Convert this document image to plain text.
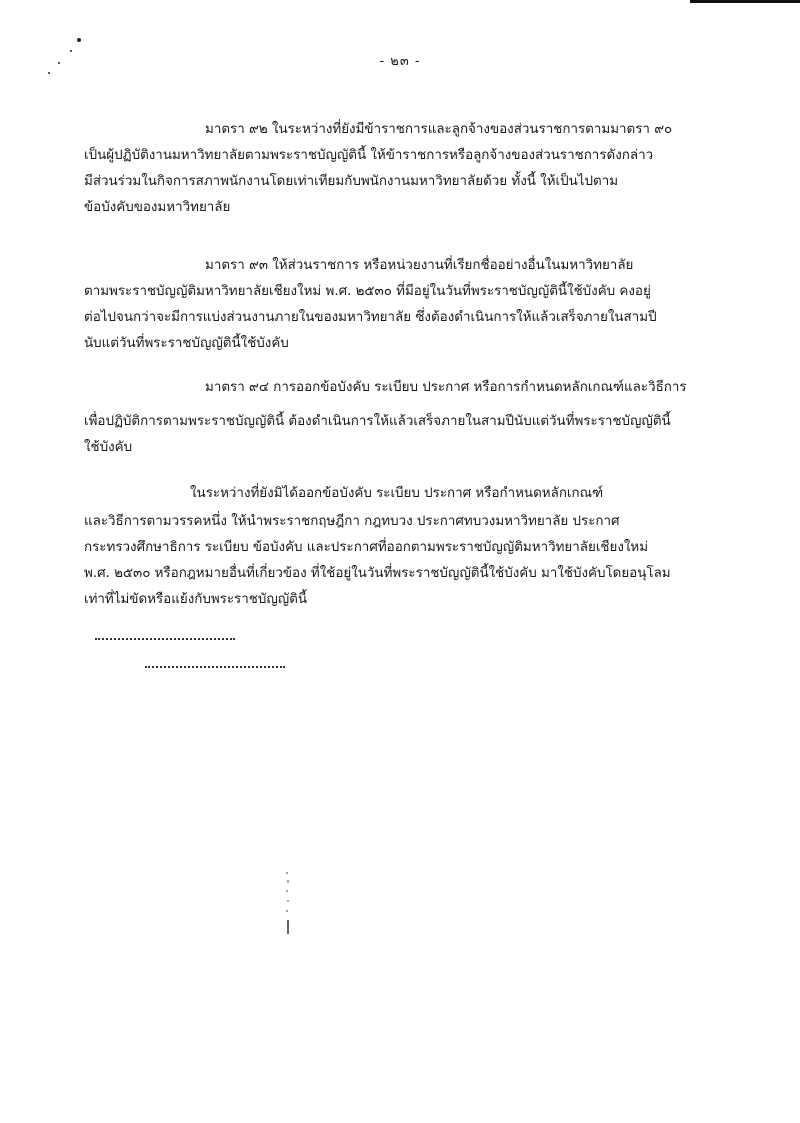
- ๒๓ -
มาตรา ๙๒ ในระหว่างที่ยังมีข้าราชการและลูกจ้างของส่วนราชการตามมาตรา ๙๐
เป็นผู้ปฏิบัติงานมหาวิทยาลัยตามพระราชบัญญัตินี้ ให้ข้าราชการหรือลูกจ้างของส่วนราชการดังกล่าว
มีส่วนร่วมในกิจการสภาพนักงานโดยเท่าเทียมกับพนักงานมหาวิทยาลัยด้วย ทั้งนี้ ให้เป็นไปตาม
ข้อบังคับของมหาวิทยาลัย
มาตรา ๙๓ ให้ส่วนราชการ หรือหน่วยงานที่เรียกชื่ออย่างอื่นในมหาวิทยาลัย
ตามพระราชบัญญัติมหาวิทยาลัยเชียงใหม่ พ.ศ. ๒๕๓๐ ที่มีอยู่ในวันที่พระราชบัญญัตินี้ใช้บังคับ คงอยู่
ต่อไปจนกว่าจะมีการแบ่งส่วนงานภายในของมหาวิทยาลัย ซึ่งต้องดำเนินการให้แล้วเสร็จภายในสามปี
นับแต่วันที่พระราชบัญญัตินี้ใช้บังคับ
มาตรา ๙๔ การออกข้อบังคับ ระเบียบ ประกาศ หรือการกำหนดหลักเกณฑ์และวิธีการ
เพื่อปฏิบัติการตามพระราชบัญญัตินี้ ต้องดำเนินการให้แล้วเสร็จภายในสามปีนับแต่วันที่พระราชบัญญัตินี้
ใช้บังคับ
ในระหว่างที่ยังมิได้ออกข้อบังคับ ระเบียบ ประกาศ หรือกำหนดหลักเกณฑ์
และวิธีการตามวรรคหนึ่ง ให้นำพระราชกฤษฎีกา กฎทบวง ประกาศทบวงมหาวิทยาลัย ประกาศ
กระทรวงศึกษาธิการ ระเบียบ ข้อบังคับ และประกาศที่ออกตามพระราชบัญญัติมหาวิทยาลัยเชียงใหม่
พ.ศ. ๒๕๓๐ หรือกฎหมายอื่นที่เกี่ยวข้อง ที่ใช้อยู่ในวันที่พระราชบัญญัตินี้ใช้บังคับ มาใช้บังคับโดยอนุโลม
เท่าที่ไม่ขัดหรือแย้งกับพระราชบัญญัตินี้
